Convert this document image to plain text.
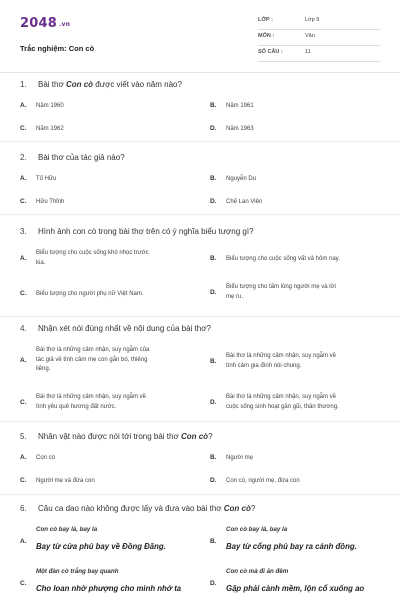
2048 .vn
Trắc nghiệm: Con cò
LỚP :	Lớp 9
MÔN :	Văn
SỐ CÂU :	11
1. Bài thơ Con cò được viết vào năm nào?
A. Năm 1960	B. Năm 1961
C. Năm 1962	D. Năm 1963
2. Bài thơ của tác giả nào?
A. Tố Hữu	B. Nguyễn Du
C. Hữu Thỉnh	D. Chế Lan Viên
3. Hình ảnh con cò trong bài thơ trên có ý nghĩa biểu tượng gì?
A.
Biểu tượng cho cuộc sống khó nhọc trước
kia.
B. Biểu tượng cho cuộc sống vất vả hôm nay.
C. Biểu tượng cho người phụ nữ Việt Nam.	D.
Biểu tượng cho tấm lòng người mẹ và lời
mẹ ru.
4. Nhận xét nói đúng nhất về nội dung của bài thơ?
A.
Bài thơ là những cảm nhận, suy ngẫm của
tác giả về tình cảm mẹ con gắn bó, thiêng
liêng.
B.
Bài thơ là những cảm nhận, suy ngẫm về
tình cảm gia đình nói chung.
C.
Bài thơ là những cảm nhận, suy ngẫm về
tình yêu quê hương đất nước.
D.
Bài thơ là những cảm nhận, suy ngẫm về
cuộc sống sinh hoạt gần gũi, thân thương.
5. Nhân vật nào được nói tới trong bài thơ Con cò?
A. Con cò	B. Người mẹ
C. Người mẹ và đứa con	D. Con cò, người mẹ, đứa con
6. Câu ca dao nào không được lấy và đưa vào bài thơ Con cò?
A.
Con cò bay lả, bay la
Bay từ cửa phủ bay về Đồng Đăng.
B.
Con cò bay lả, bay la
Bay từ cổng phủ bay ra cánh đồng.
C.
Một đàn cò trắng bay quanh
Cho loan nhờ phượng cho mình nhớ ta
D.
Con cò mà đi ăn đêm
Gặp phải cành mềm, lộn cổ xuống ao
